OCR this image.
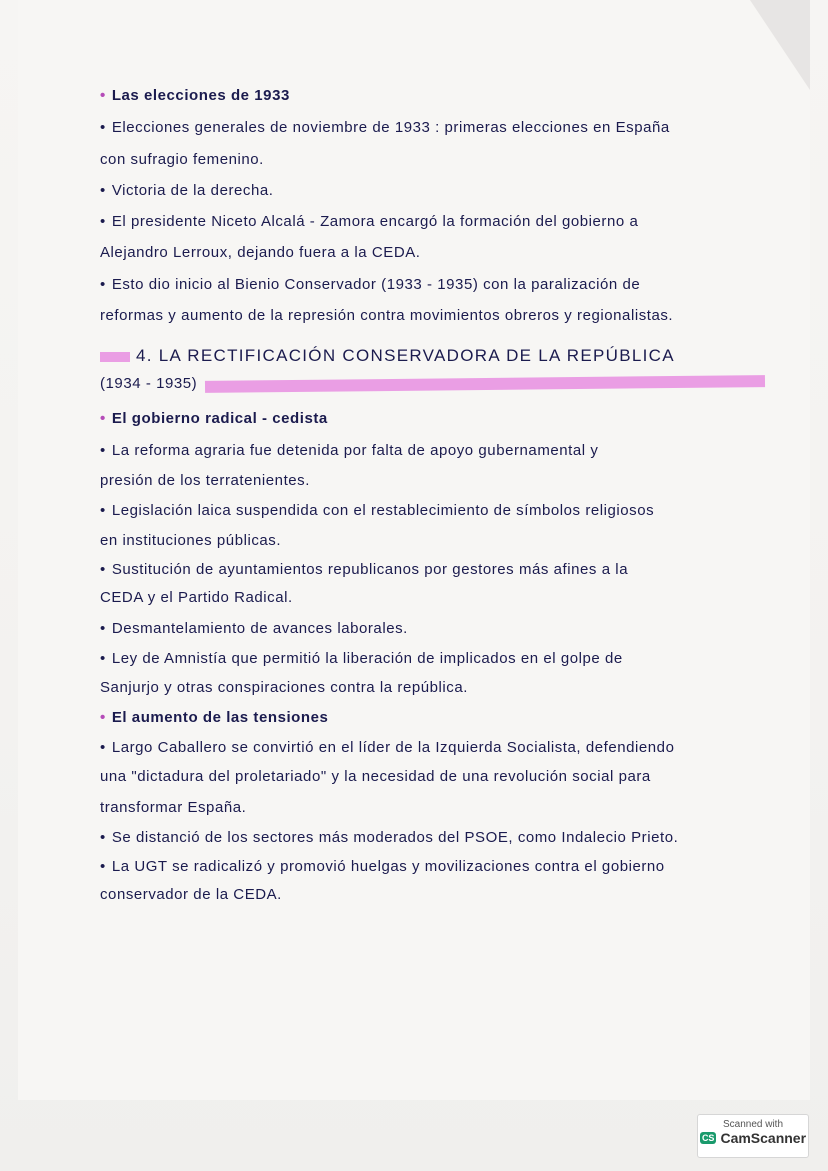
• Las elecciones de 1933
• Elecciones generales de noviembre de 1933 : primeras elecciones en España
con sufragio femenino.
• Victoria de la derecha.
• El presidente Niceto Alcalá - Zamora encargó la formación del gobierno a
Alejandro Lerroux, dejando fuera a la CEDA.
• Esto dio inicio al Bienio Conservador (1933 - 1935) con la paralización de
reformas y aumento de la represión contra movimientos obreros y regionalistas.
4. LA RECTIFICACIÓN CONSERVADORA DE LA REPÚBLICA
(1934 - 1935)
• El gobierno radical - cedista
• La reforma agraria fue detenida por falta de apoyo gubernamental y
presión de los terratenientes.
• Legislación laica suspendida con el restablecimiento de símbolos religiosos
en instituciones públicas.
• Sustitución de ayuntamientos republicanos por gestores más afines a la
CEDA y el Partido Radical.
• Desmantelamiento de avances laborales.
• Ley de Amnistía que permitió la liberación de implicados en el golpe de
Sanjurjo y otras conspiraciones contra la república.
• El aumento de las tensiones
• Largo Caballero se convirtió en el líder de la Izquierda Socialista, defendiendo
una "dictadura del proletariado" y la necesidad de una revolución social para
transformar España.
• Se distanció de los sectores más moderados del PSOE, como Indalecio Prieto.
• La UGT se radicalizó y promovió huelgas y movilizaciones contra el gobierno
conservador de la CEDA.
Scanned with
CS CamScanner
